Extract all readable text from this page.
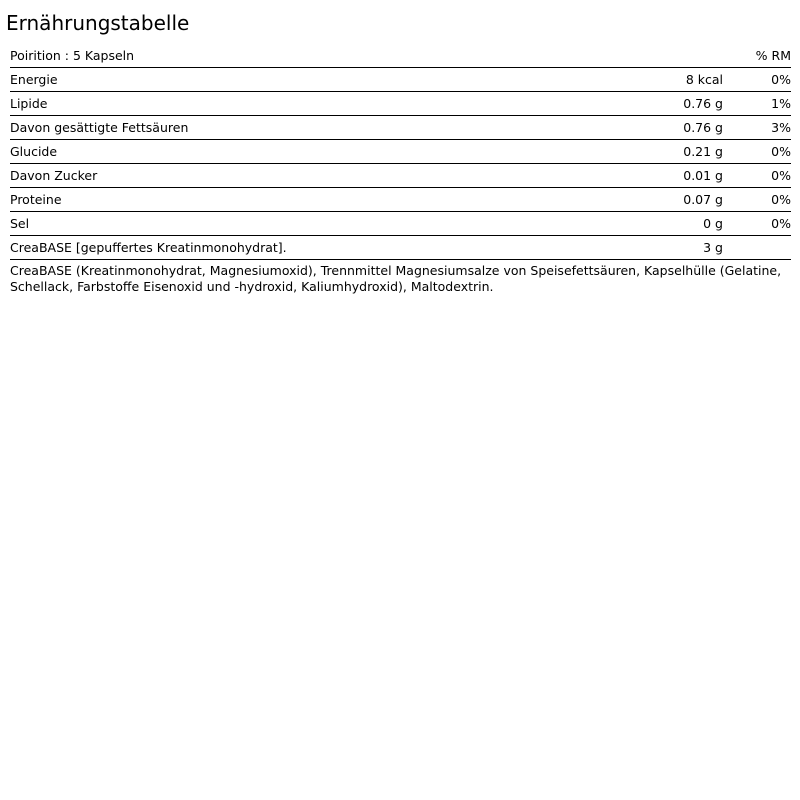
Ernährungstabelle
Poirition : 5 Kapseln		% RM
Energie	8 kcal	0%
Lipide	0.76 g	1%
Davon gesättigte Fettsäuren	0.76 g	3%
Glucide	0.21 g	0%
Davon Zucker	0.01 g	0%
Proteine	0.07 g	0%
Sel	0 g	0%
CreaBASE [gepuffertes Kreatinmonohydrat].	3 g	

CreaBASE (Kreatinmonohydrat, Magnesiumoxid), Trennmittel Magnesiumsalze von Speisefettsäuren, Kapselhülle (Gelatine, Schellack, Farbstoffe Eisenoxid und -hydroxid, Kaliumhydroxid), Maltodextrin.
